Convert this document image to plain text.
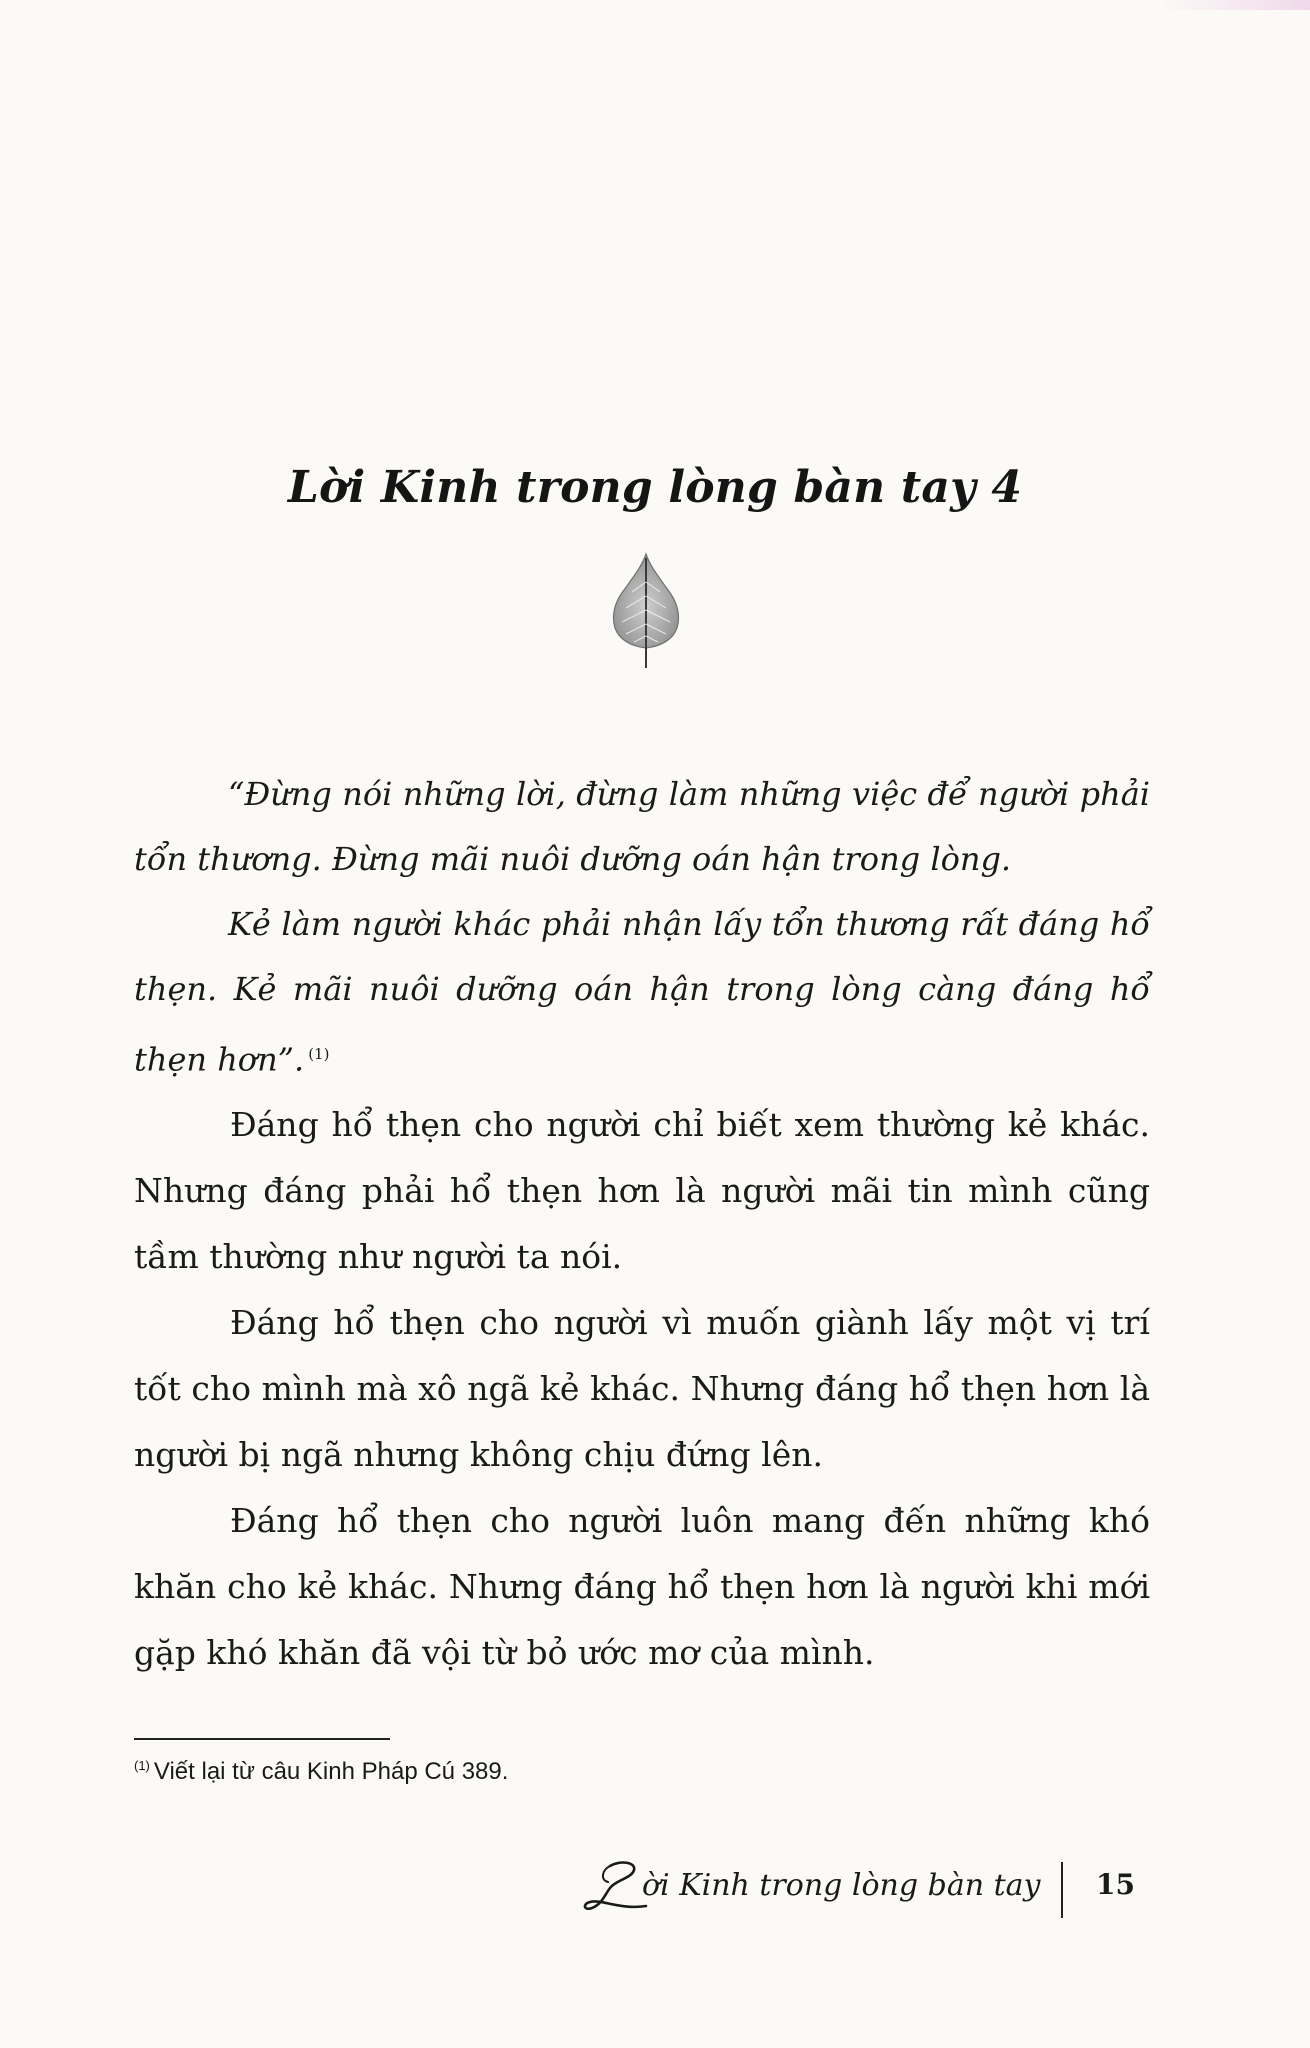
Lời Kinh trong lòng bàn tay 4

“Đừng nói những lời, đừng làm những việc để người phải tổn thương. Đừng mãi nuôi dưỡng oán hận trong lòng.

Kẻ làm người khác phải nhận lấy tổn thương rất đáng hổ thẹn. Kẻ mãi nuôi dưỡng oán hận trong lòng càng đáng hổ thẹn hơn”. $^{(1)}$

Đáng hổ thẹn cho người chỉ biết xem thường kẻ khác. Nhưng đáng phải hổ thẹn hơn là người mãi tin mình cũng tầm thường như người ta nói.

Đáng hổ thẹn cho người vì muốn giành lấy một vị trí tốt cho mình mà xô ngã kẻ khác. Nhưng đáng hổ thẹn hơn là người bị ngã nhưng không chịu đứng lên.

Đáng hổ thẹn cho người luôn mang đến những khó khăn cho kẻ khác. Nhưng đáng hổ thẹn hơn là người khi mới gặp khó khăn đã vội từ bỏ ước mơ của mình.

$^{(1)}$ Viết lại từ câu Kinh Pháp Cú 389.
ời Kinh trong lòng bàn tay 15
